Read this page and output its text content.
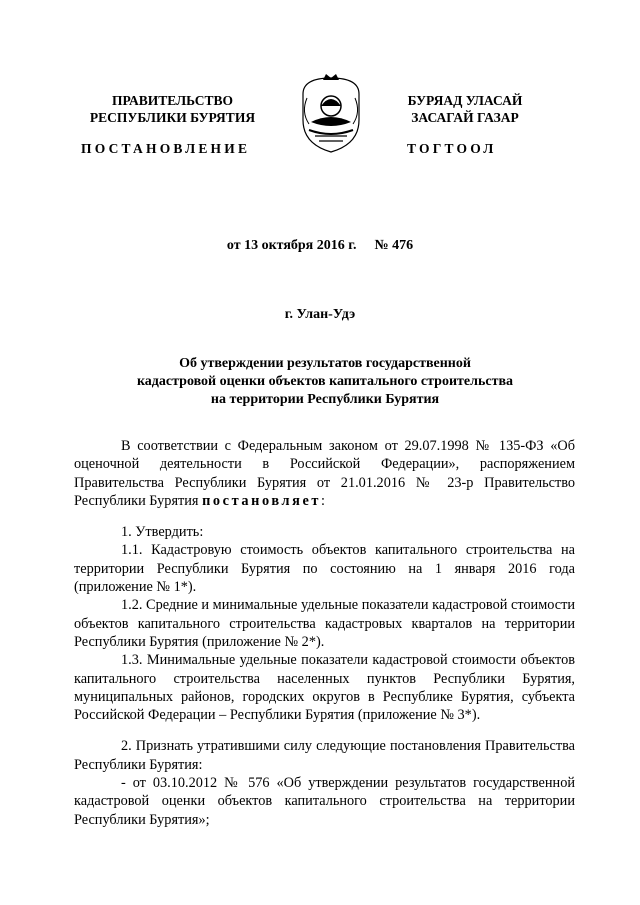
ПРАВИТЕЛЬСТВО
РЕСПУБЛИКИ БУРЯТИЯ
БУРЯАД УЛАСАЙ
ЗАСАГАЙ ГАЗАР
ПОСТАНОВЛЕНИЕ	ТОГТООЛ
от 13 октября 2016 г. № 476
г. Улан-Удэ
Об утверждении результатов государственной
кадастровой оценки объектов капитального строительства
на территории Республики Бурятия
В соответствии с Федеральным законом от 29.07.1998 № 135-ФЗ «Об оценочной деятельности в Российской Федерации», распоряжением Правительства Республики Бурятия от 21.01.2016 № 23-р Правительство Республики Бурятия постановляет:
1. Утвердить:
1.1. Кадастровую стоимость объектов капитального строительства на территории Республики Бурятия по состоянию на 1 января 2016 года (приложение № 1*).
1.2. Средние и минимальные удельные показатели кадастровой стоимости объектов капитального строительства кадастровых кварталов на территории Республики Бурятия (приложение № 2*).
1.3. Минимальные удельные показатели кадастровой стоимости объектов капитального строительства населенных пунктов Республики Бурятия, муниципальных районов, городских округов в Республике Бурятия, субъекта Российской Федерации – Республики Бурятия (приложение № 3*).
2. Признать утратившими силу следующие постановления Правительства Республики Бурятия:
- от 03.10.2012 № 576 «Об утверждении результатов государственной кадастровой оценки объектов капитального строительства на территории Республики Бурятия»;
